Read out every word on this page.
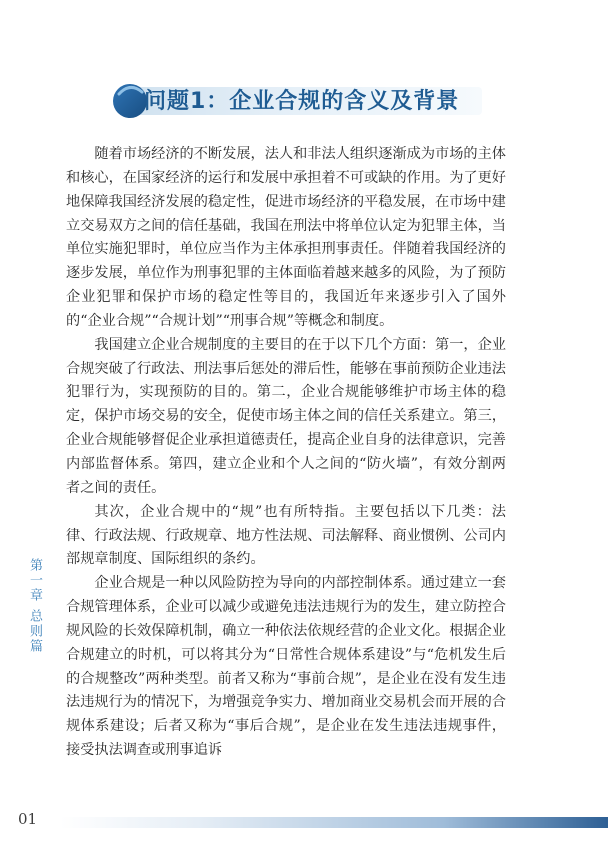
问题1：企业合规的含义及背景

随着市场经济的不断发展，法人和非法人组织逐渐成为市场的主体和核心，在国家经济的运行和发展中承担着不可或缺的作用。为了更好地保障我国经济发展的稳定性，促进市场经济的平稳发展，在市场中建立交易双方之间的信任基础，我国在刑法中将单位认定为犯罪主体，当单位实施犯罪时，单位应当作为主体承担刑事责任。伴随着我国经济的逐步发展，单位作为刑事犯罪的主体面临着越来越多的风险，为了预防企业犯罪和保护市场的稳定性等目的，我国近年来逐步引入了国外的“企业合规”“合规计划”“刑事合规”等概念和制度。

我国建立企业合规制度的主要目的在于以下几个方面：第一，企业合规突破了行政法、刑法事后惩处的滞后性，能够在事前预防企业违法犯罪行为，实现预防的目的。第二，企业合规能够维护市场主体的稳定，保护市场交易的安全，促使市场主体之间的信任关系建立。第三，企业合规能够督促企业承担道德责任，提高企业自身的法律意识，完善内部监督体系。第四，建立企业和个人之间的“防火墙”，有效分割两者之间的责任。

其次，企业合规中的“规”也有所特指。主要包括以下几类：法律、行政法规、行政规章、地方性法规、司法解释、商业惯例、公司内部规章制度、国际组织的条约。

企业合规是一种以风险防控为导向的内部控制体系。通过建立一套合规管理体系，企业可以减少或避免违法违规行为的发生，建立防控合规风险的长效保障机制，确立一种依法依规经营的企业文化。根据企业合规建立的时机，可以将其分为“日常性合规体系建设”与“危机发生后的合规整改”两种类型。前者又称为“事前合规”，是企业在没有发生违法违规行为的情况下，为增强竞争实力、增加商业交易机会而开展的合规体系建设；后者又称为“事后合规”，是企业在发生违法违规事件，接受执法调查或刑事追诉

第一章 总则篇
01
